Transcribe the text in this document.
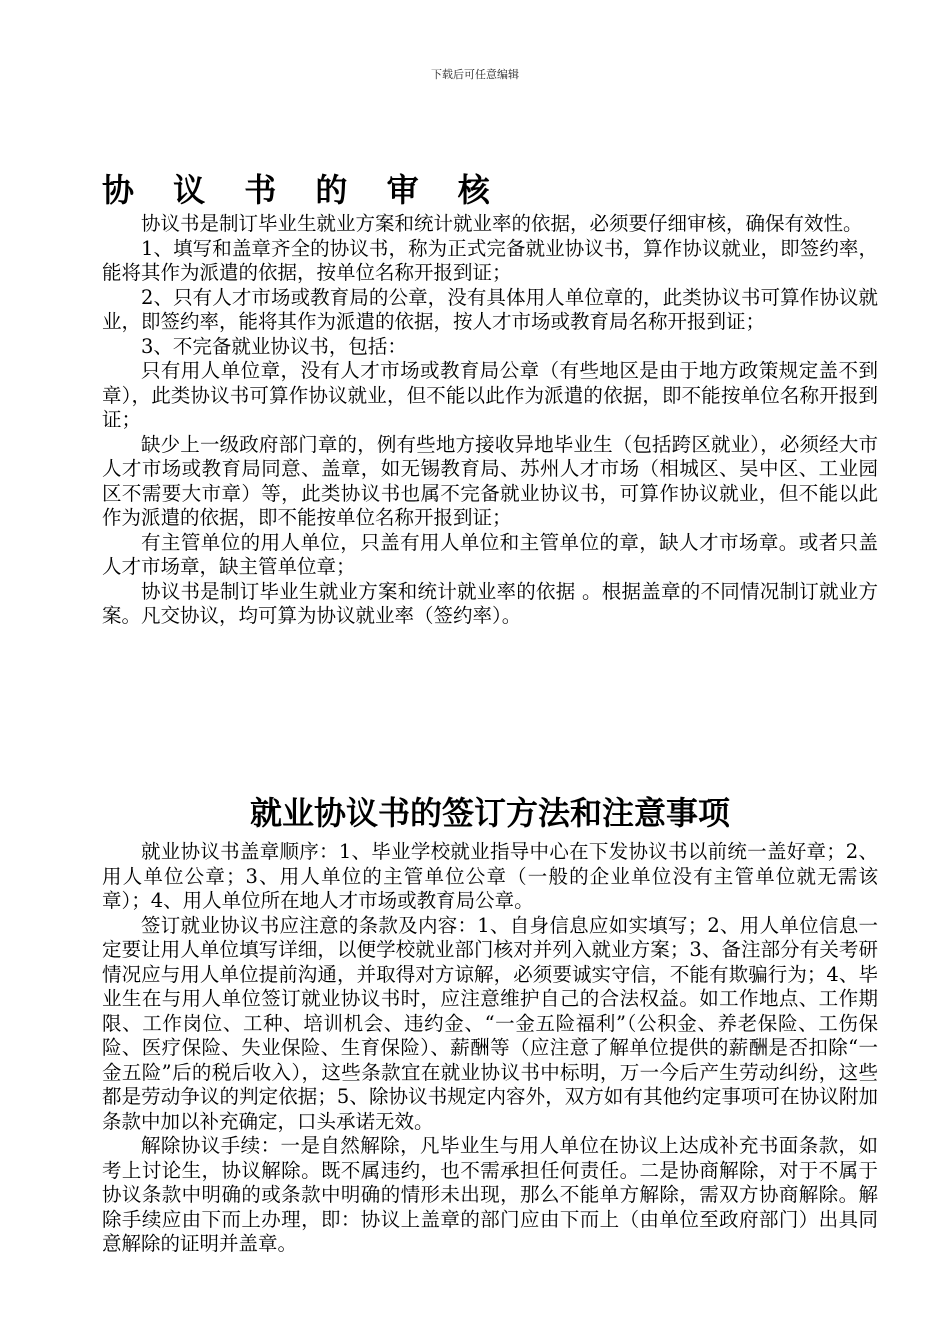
下载后可任意编辑
协 议 书 的 审 核

协议书是制订毕业生就业方案和统计就业率的依据，必须要仔细审核，确保有效性。

1、填写和盖章齐全的协议书，称为正式完备就业协议书，算作协议就业，即签约率，能将其作为派遣的依据，按单位名称开报到证；

2、只有人才市场或教育局的公章，没有具体用人单位章的，此类协议书可算作协议就业，即签约率，能将其作为派遣的依据，按人才市场或教育局名称开报到证；

3、不完备就业协议书，包括：

只有用人单位章，没有人才市场或教育局公章（有些地区是由于地方政策规定盖不到章），此类协议书可算作协议就业，但不能以此作为派遣的依据，即不能按单位名称开报到证；

缺少上一级政府部门章的，例有些地方接收异地毕业生（包括跨区就业），必须经大市人才市场或教育局同意、盖章，如无锡教育局、苏州人才市场（相城区、吴中区、工业园区不需要大市章）等，此类协议书也属不完备就业协议书，可算作协议就业，但不能以此作为派遣的依据，即不能按单位名称开报到证；

有主管单位的用人单位，只盖有用人单位和主管单位的章，缺人才市场章。或者只盖人才市场章，缺主管单位章；

协议书是制订毕业生就业方案和统计就业率的依据 。根据盖章的不同情况制订就业方案。凡交协议，均可算为协议就业率（签约率）。

就业协议书的签订方法和注意事项

就业协议书盖章顺序：1、毕业学校就业指导中心在下发协议书以前统一盖好章；2、用人单位公章；3、用人单位的主管单位公章（一般的企业单位没有主管单位就无需该章）；4、用人单位所在地人才市场或教育局公章。

签订就业协议书应注意的条款及内容：1、自身信息应如实填写；2、用人单位信息一定要让用人单位填写详细，以便学校就业部门核对并列入就业方案；3、备注部分有关考研情况应与用人单位提前沟通，并取得对方谅解，必须要诚实守信，不能有欺骗行为；4、毕业生在与用人单位签订就业协议书时，应注意维护自己的合法权益。如工作地点、工作期限、工作岗位、工种、培训机会、违约金、“一金五险福利”（公积金、养老保险、工伤保险、医疗保险、失业保险、生育保险）、薪酬等（应注意了解单位提供的薪酬是否扣除“一金五险”后的税后收入），这些条款宜在就业协议书中标明，万一今后产生劳动纠纷，这些都是劳动争议的判定依据；5、除协议书规定内容外，双方如有其他约定事项可在协议附加条款中加以补充确定，口头承诺无效。

解除协议手续：一是自然解除，凡毕业生与用人单位在协议上达成补充书面条款，如考上讨论生，协议解除。既不属违约，也不需承担任何责任。二是协商解除，对于不属于协议条款中明确的或条款中明确的情形未出现，那么不能单方解除，需双方协商解除。解除手续应由下而上办理，即：协议上盖章的部门应由下而上（由单位至政府部门）出具同意解除的证明并盖章。
